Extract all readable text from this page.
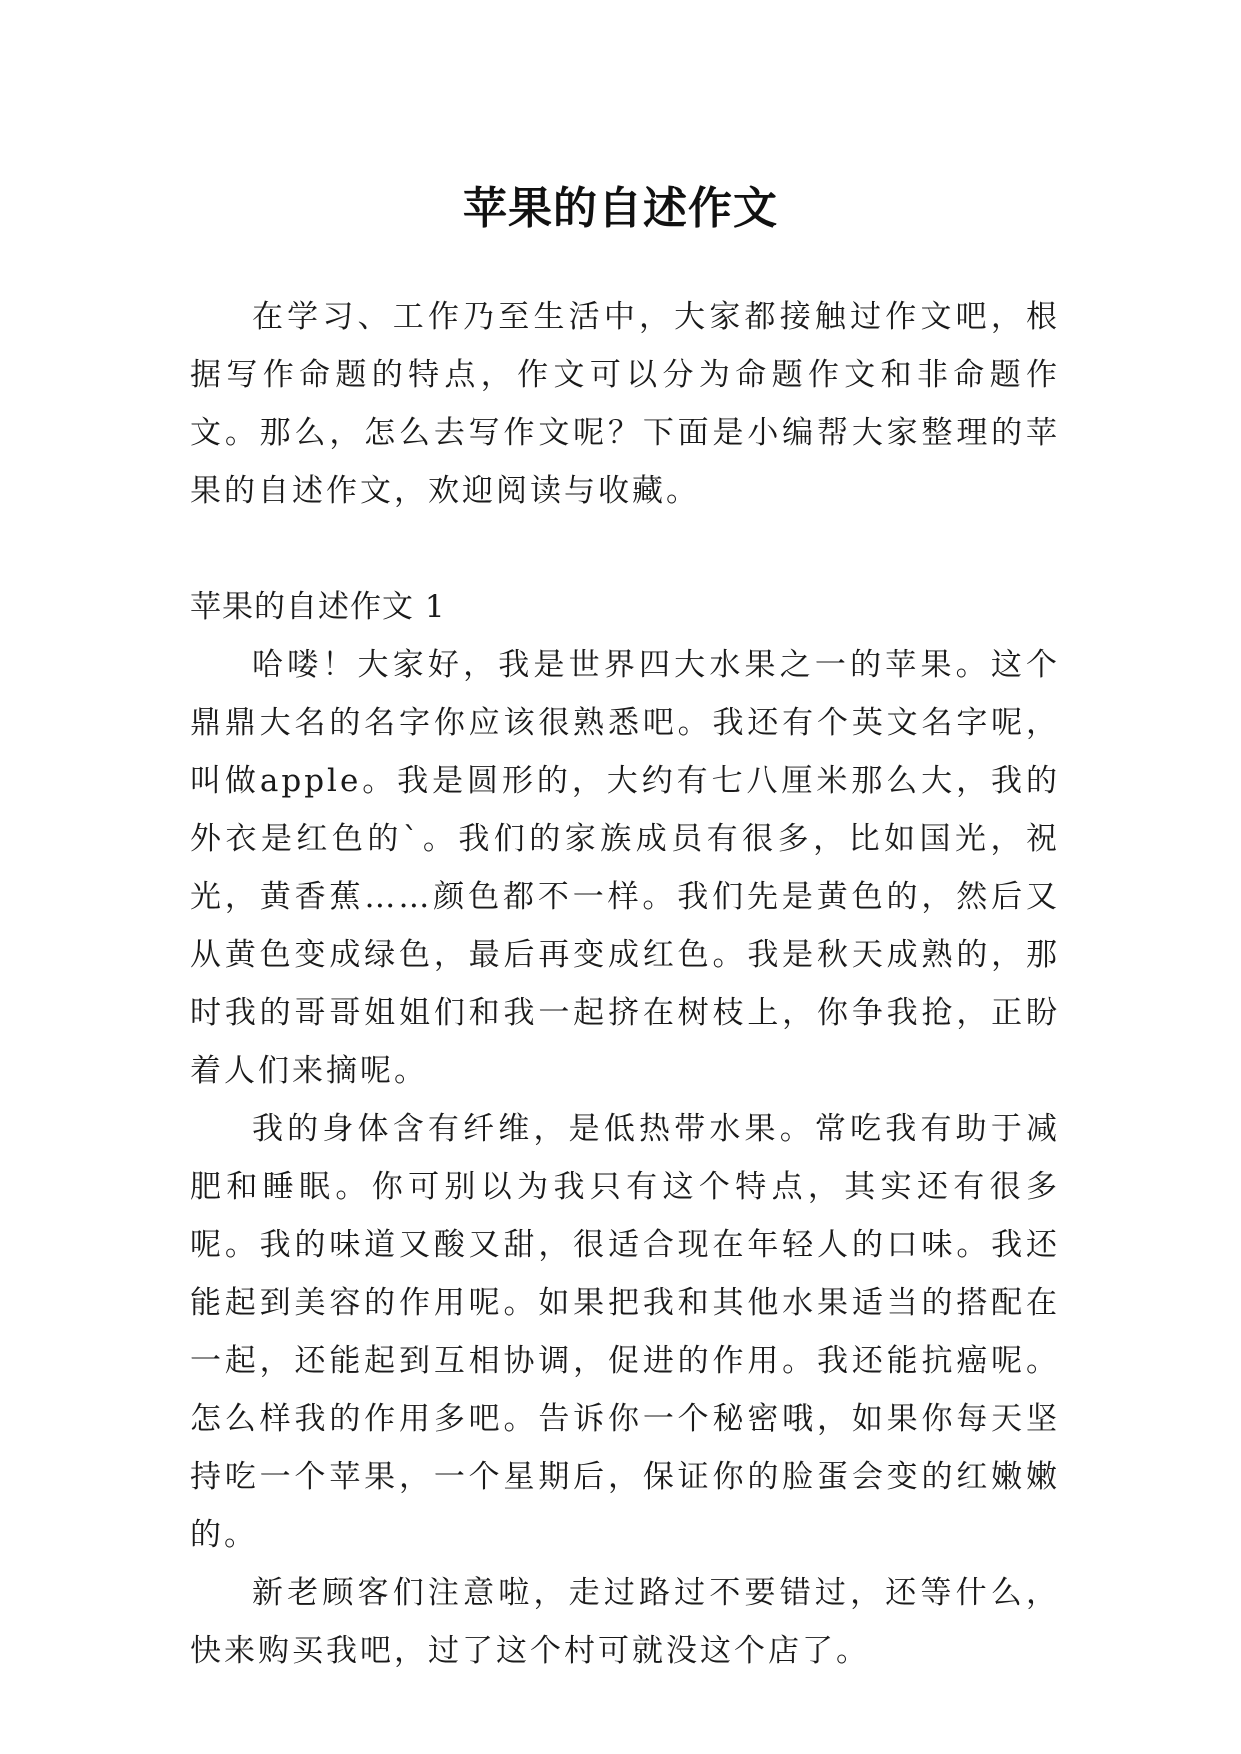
苹果的自述作文

在学习、工作乃至生活中，大家都接触过作文吧，根据写作命题的特点，作文可以分为命题作文和非命题作文。那么，怎么去写作文呢？下面是小编帮大家整理的苹果的自述作文，欢迎阅读与收藏。

苹果的自述作文 1

哈喽！大家好，我是世界四大水果之一的苹果。这个鼎鼎大名的名字你应该很熟悉吧。我还有个英文名字呢，叫做apple。我是圆形的，大约有七八厘米那么大，我的外衣是红色的`。我们的家族成员有很多，比如国光，祝光，黄香蕉……颜色都不一样。我们先是黄色的，然后又从黄色变成绿色，最后再变成红色。我是秋天成熟的，那时我的哥哥姐姐们和我一起挤在树枝上，你争我抢，正盼着人们来摘呢。

我的身体含有纤维，是低热带水果。常吃我有助于减肥和睡眠。你可别以为我只有这个特点，其实还有很多呢。我的味道又酸又甜，很适合现在年轻人的口味。我还能起到美容的作用呢。如果把我和其他水果适当的搭配在一起，还能起到互相协调，促进的作用。我还能抗癌呢。怎么样我的作用多吧。告诉你一个秘密哦，如果你每天坚持吃一个苹果，一个星期后，保证你的脸蛋会变的红嫩嫩的。

新老顾客们注意啦，走过路过不要错过，还等什么，快来购买我吧，过了这个村可就没这个店了。
